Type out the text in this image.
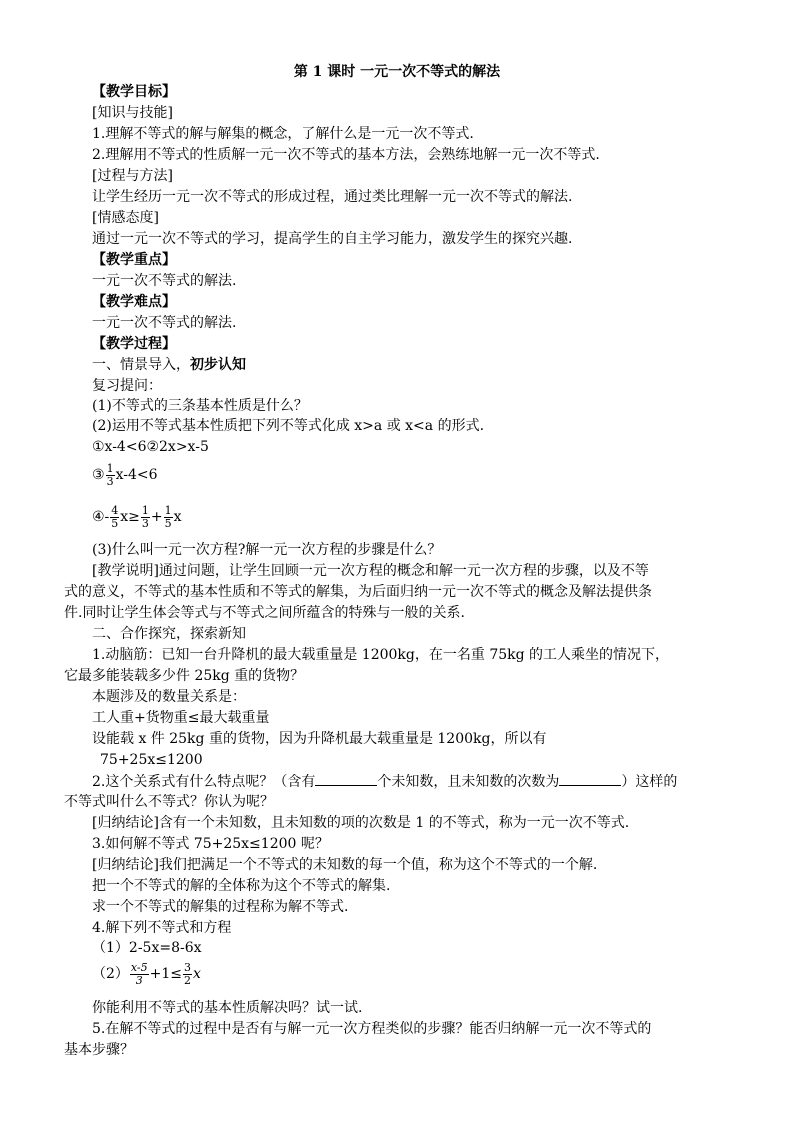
第 1 课时 一元一次不等式的解法
【教学目标】
[知识与技能]
1.理解不等式的解与解集的概念，了解什么是一元一次不等式.
2.理解用不等式的性质解一元一次不等式的基本方法，会熟练地解一元一次不等式.
[过程与方法]
让学生经历一元一次不等式的形成过程，通过类比理解一元一次不等式的解法.
[情感态度]
通过一元一次不等式的学习，提高学生的自主学习能力，激发学生的探究兴趣.
【教学重点】
一元一次不等式的解法.
【教学难点】
一元一次不等式的解法.
【教学过程】
一、情景导入，初步认知
复习提问：
(1)不等式的三条基本性质是什么？
(2)运用不等式基本性质把下列不等式化成 x>a 或 x<a 的形式.
①x-4<6②2x>x-5
③ $\frac{1}{3} x-4<6$
④- $\frac{4}{5} x\ge \frac{1}{3} + \frac{1}{5}$ x
(3)什么叫一元一次方程?解一元一次方程的步骤是什么？
[教学说明]通过问题，让学生回顾一元一次方程的概念和解一元一次方程的步骤，以及不等
式的意义，不等式的基本性质和不等式的解集，为后面归纳一元一次不等式的概念及解法提供条
件.同时让学生体会等式与不等式之间所蕴含的特殊与一般的关系.
二、合作探究，探索新知
1.动脑筋：已知一台升降机的最大载重量是 1200kg，在一名重 75kg 的工人乘坐的情况下，
它最多能装载多少件 25kg 重的货物？
本题涉及的数量关系是：
工人重+货物重≤最大载重量
设能载 x 件 25kg 重的货物，因为升降机最大载重量是 1200kg，所以有
75+25x≤1200
2.这个关系式有什么特点呢？（含有	个未知数，且未知数的次数为	）这样的
不等式叫什么不等式？你认为呢？
[归纳结论]含有一个未知数，且未知数的项的次数是 1 的不等式，称为一元一次不等式.
3.如何解不等式 75+25x≤1200 呢？
[归纳结论]我们把满足一个不等式的未知数的每一个值，称为这个不等式的一个解.
把一个不等式的解的全体称为这个不等式的解集.
求一个不等式的解集的过程称为解不等式.
4.解下列不等式和方程
（1）2-5x=8-6x
$(2) \frac{x-5}{3} +1\le \frac{3}{2}$ x
你能利用不等式的基本性质解决吗？试一试.
5.在解不等式的过程中是否有与解一元一次方程类似的步骤？能否归纳解一元一次不等式的
基本步骤？
